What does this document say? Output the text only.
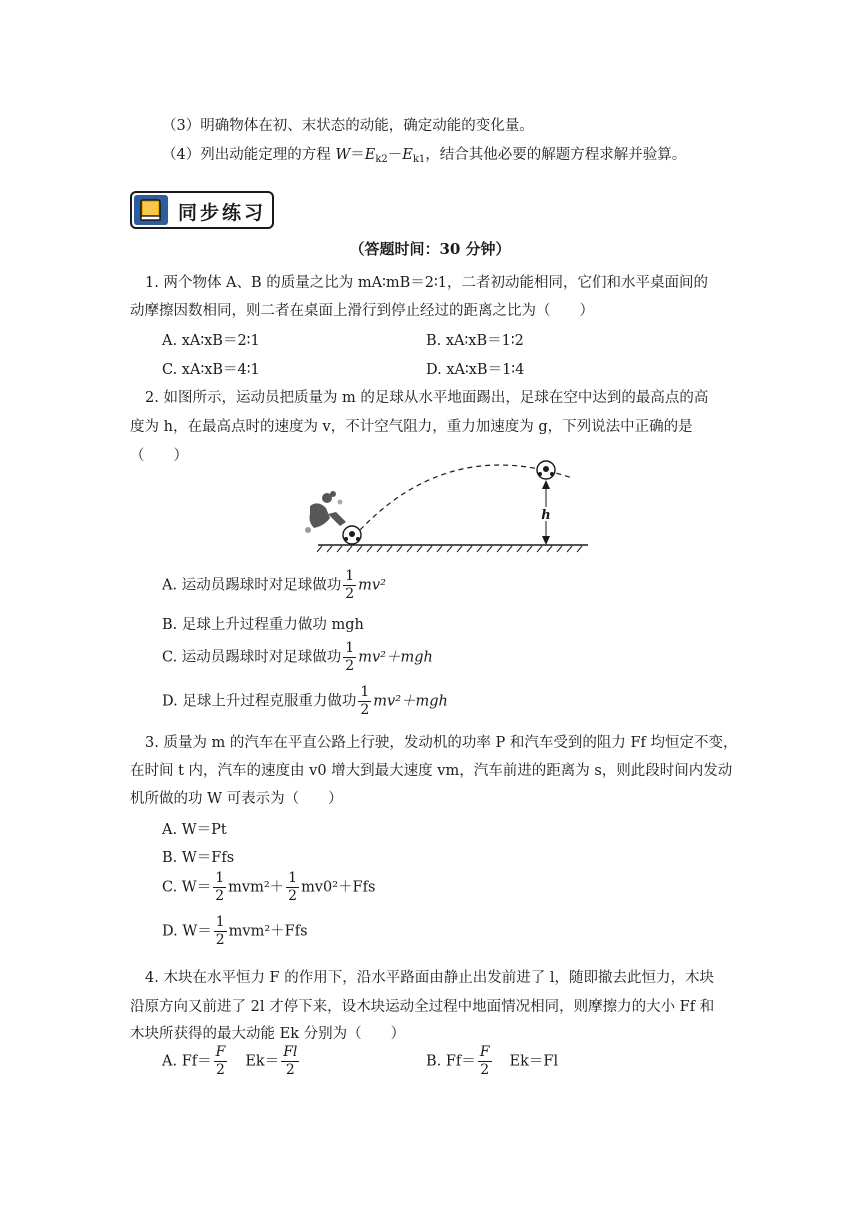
（3）明确物体在初、末状态的动能，确定动能的变化量。
（4）列出动能定理的方程 $W=E_{k2}-E_{k1}$，结合其他必要的解题方程求解并验算。
同步练习
（答题时间：30 分钟）
1. 两个物体 A、B 的质量之比为 mA∶mB＝2∶1，二者初动能相同，它们和水平桌面间的
动摩擦因数相同，则二者在桌面上滑行到停止经过的距离之比为（　　）
A. xA∶xB＝2∶1	B. xA∶xB＝1∶2
C. xA∶xB＝4∶1	D. xA∶xB＝1∶4
2. 如图所示，运动员把质量为 m 的足球从水平地面踢出，足球在空中达到的最高点的高
度为 h，在最高点时的速度为 v，不计空气阻力，重力加速度为 g，下列说法中正确的是
（　　）
h
A. 运动员踢球时对足球做功 $\frac{1}{2} mv^2$
B. 足球上升过程重力做功 mgh
C. 运动员踢球时对足球做功 $\frac{1}{2} mv^2+mgh$
D. 足球上升过程克服重力做功 $\frac{1}{2} mv^2+mgh$
3. 质量为 m 的汽车在平直公路上行驶，发动机的功率 P 和汽车受到的阻力 Ff 均恒定不变，
在时间 t 内，汽车的速度由 v0 增大到最大速度 vm，汽车前进的距离为 s，则此段时间内发动
机所做的功 W 可表示为（　　）
A. W＝Pt
B. W＝Ffs
C. $W= \frac{1}{2} mvm^2+ \frac{1}{2} mv0^2+Ffs$
D. $W= \frac{1}{2} mvm^2+Ffs$
4. 木块在水平恒力 F 的作用下，沿水平路面由静止出发前进了 l，随即撤去此恒力，木块
沿原方向又前进了 2l 才停下来，设木块运动全过程中地面情况相同，则摩擦力的大小 Ff 和
木块所获得的最大动能 Ek 分别为（　　）
A. $Ff= \frac{F}{2} Ek= \frac{Fl}{2}$	B. $Ff= \frac{F}{2} Ek=Fl$
